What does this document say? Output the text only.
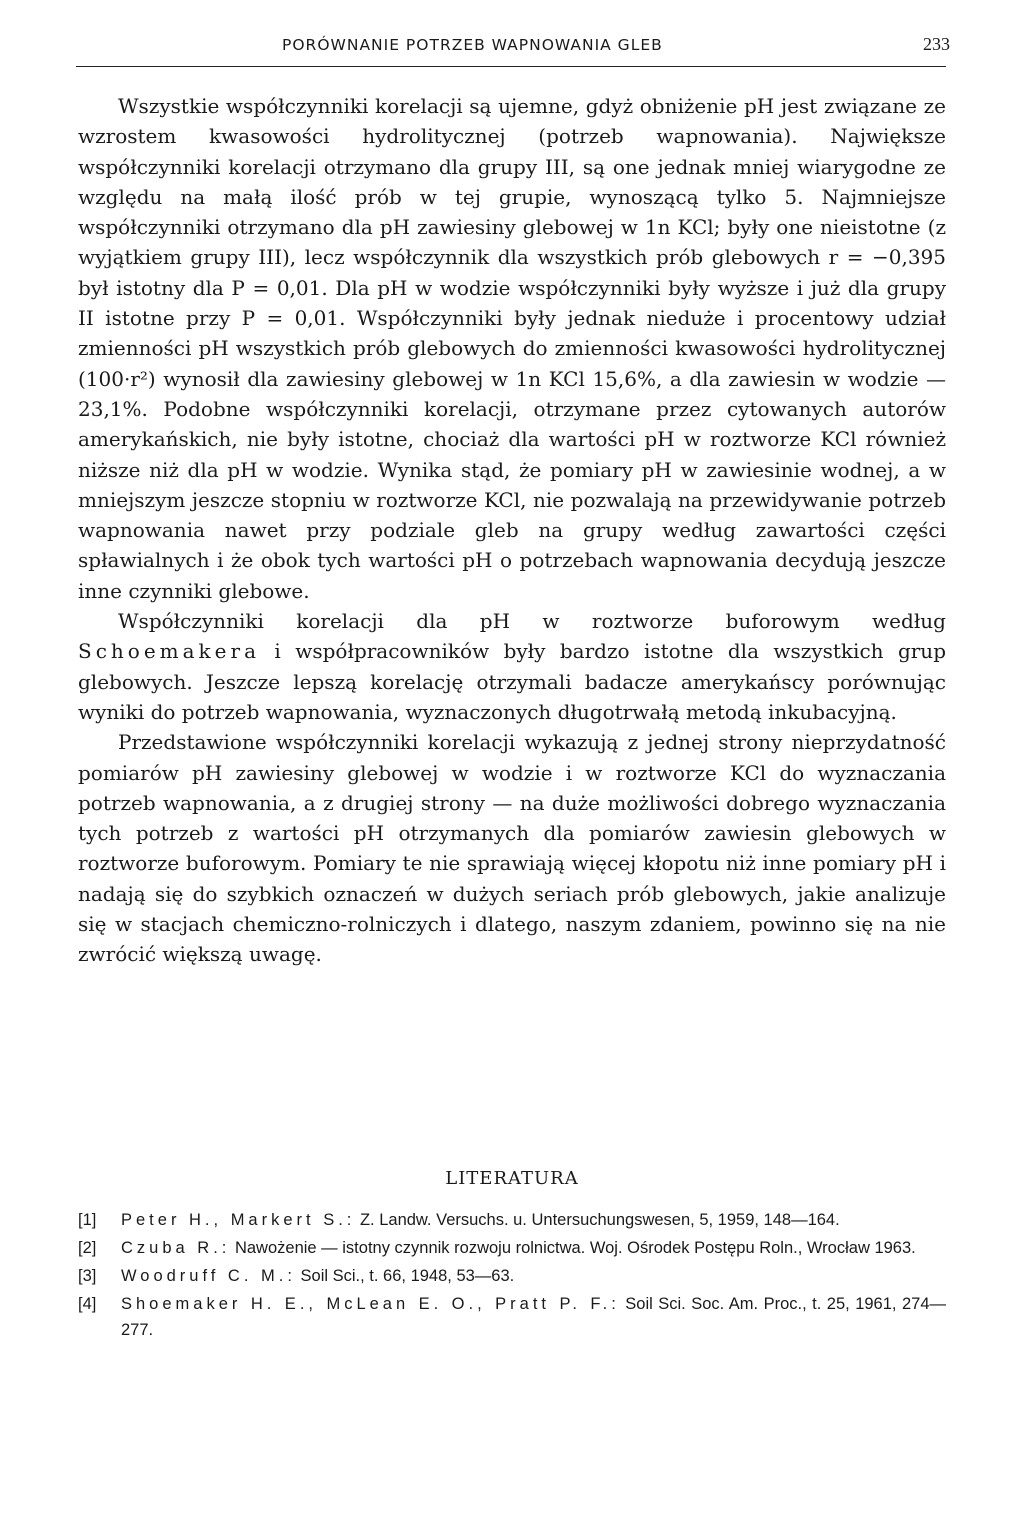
PORÓWNANIE POTRZEB WAPNOWANIA GLEB	233

Wszystkie współczynniki korelacji są ujemne, gdyż obniżenie pH jest związane ze wzrostem kwasowości hydrolitycznej (potrzeb wapnowania). Największe współczynniki korelacji otrzymano dla grupy III, są one jednak mniej wiarygodne ze względu na małą ilość prób w tej grupie, wynoszącą tylko 5. Najmniejsze współczynniki otrzymano dla pH zawiesiny glebowej w 1n KCl; były one nieistotne (z wyjątkiem grupy III), lecz współczynnik dla wszystkich prób glebowych r = −0,395 był istotny dla P = 0,01. Dla pH w wodzie współczynniki były wyższe i już dla grupy II istotne przy P = 0,01. Współczynniki były jednak nieduże i procentowy udział zmienności pH wszystkich prób glebowych do zmienności kwasowości hydrolitycznej (100·r²) wynosił dla zawiesiny glebowej w 1n KCl 15,6%, a dla zawiesin w wodzie — 23,1%. Podobne współczynniki korelacji, otrzymane przez cytowanych autorów amerykańskich, nie były istotne, chociaż dla wartości pH w roztworze KCl również niższe niż dla pH w wodzie. Wynika stąd, że pomiary pH w zawiesinie wodnej, a w mniejszym jeszcze stopniu w roztworze KCl, nie pozwalają na przewidywanie potrzeb wapnowania nawet przy podziale gleb na grupy według zawartości części spławialnych i że obok tych wartości pH o potrzebach wapnowania decydują jeszcze inne czynniki glebowe.

Współczynniki korelacji dla pH w roztworze buforowym według Schoemakera i współpracowników były bardzo istotne dla wszystkich grup glebowych. Jeszcze lepszą korelację otrzymali badacze amerykańscy porównując wyniki do potrzeb wapnowania, wyznaczonych długotrwałą metodą inkubacyjną.

Przedstawione współczynniki korelacji wykazują z jednej strony nieprzydatność pomiarów pH zawiesiny glebowej w wodzie i w roztworze KCl do wyznaczania potrzeb wapnowania, a z drugiej strony — na duże możliwości dobrego wyznaczania tych potrzeb z wartości pH otrzymanych dla pomiarów zawiesin glebowych w roztworze buforowym. Pomiary te nie sprawiają więcej kłopotu niż inne pomiary pH i nadają się do szybkich oznaczeń w dużych seriach prób glebowych, jakie analizuje się w stacjach chemiczno-rolniczych i dlatego, naszym zdaniem, powinno się na nie zwrócić większą uwagę.

LITERATURA
[1] Peter H., Markert S.: Z. Landw. Versuchs. u. Untersuchungswesen, 5, 1959, 148—164.
[2] Czuba R.: Nawożenie — istotny czynnik rozwoju rolnictwa. Woj. Ośrodek Postępu Roln., Wrocław 1963.
[3] Woodruff C. M.: Soil Sci., t. 66, 1948, 53—63.
[4] Shoemaker H. E., McLean E. O., Pratt P. F.: Soil Sci. Soc. Am. Proc., t. 25, 1961, 274—277.
